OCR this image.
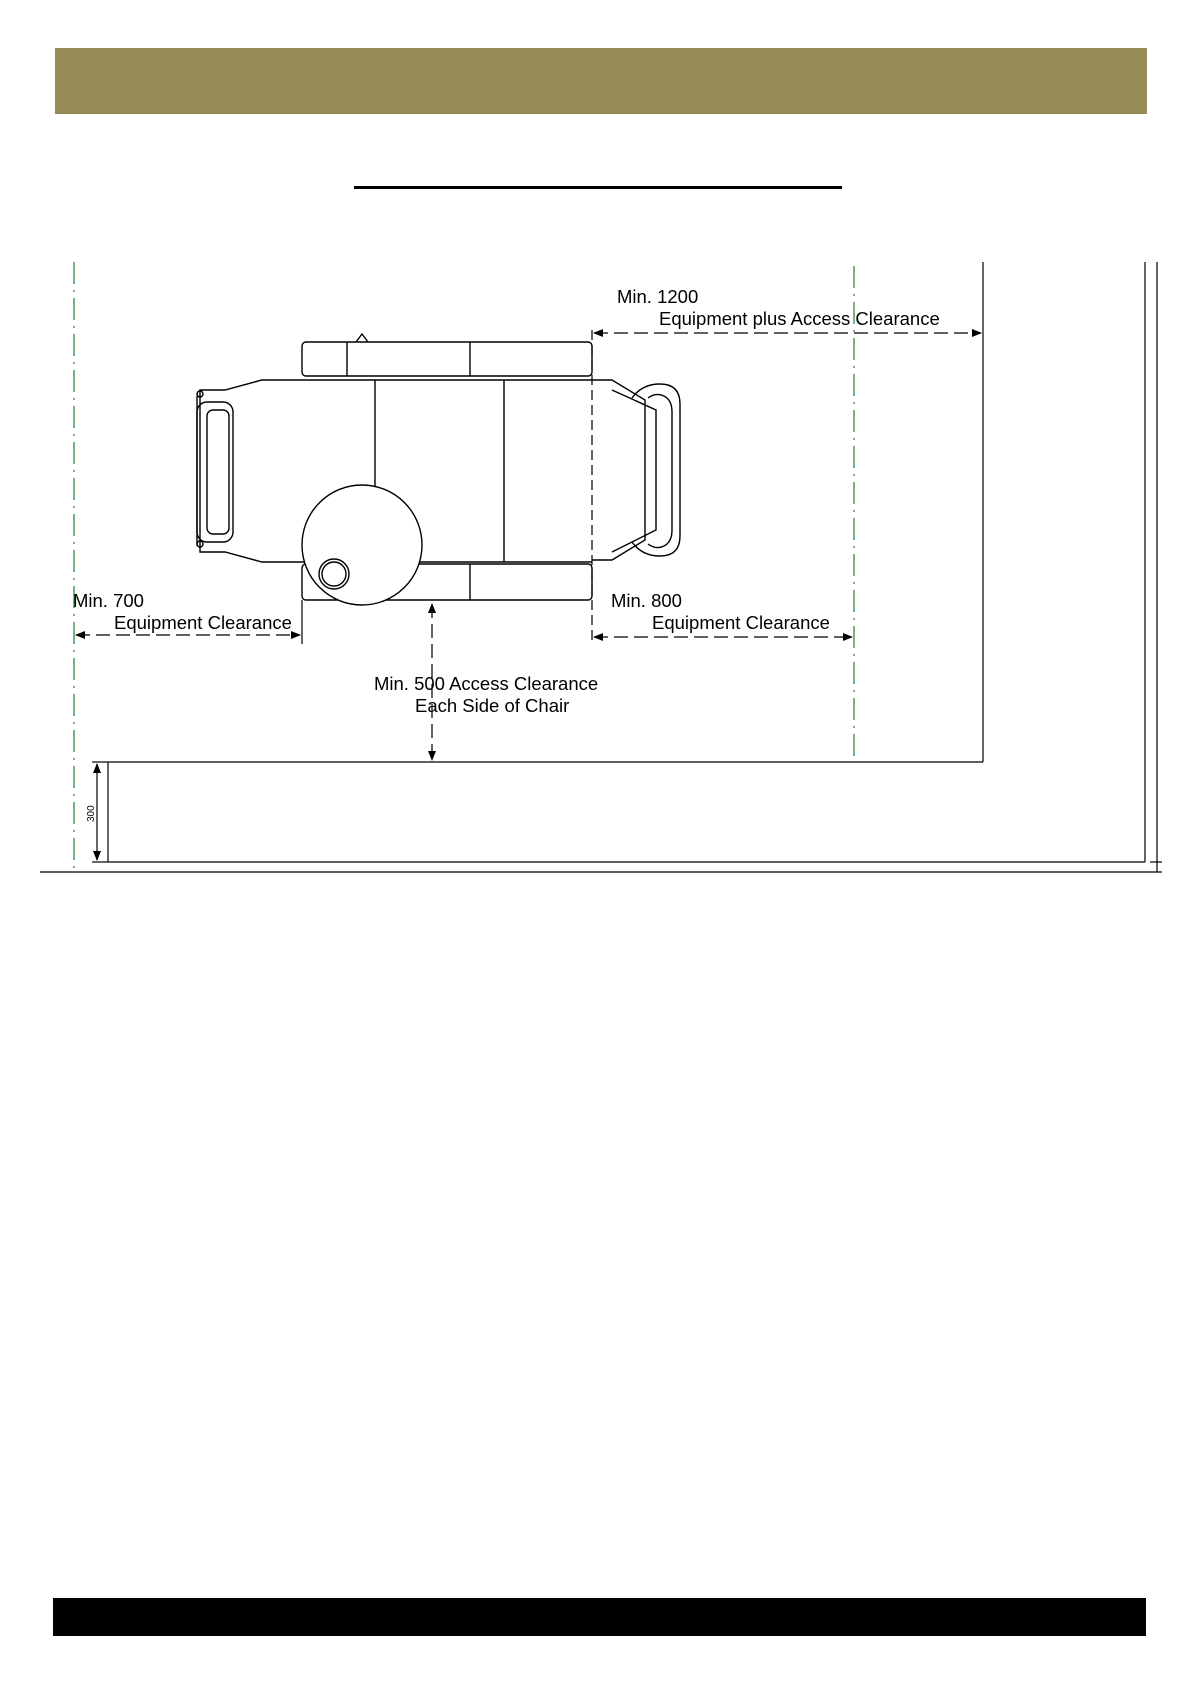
Min. 1200
Equipment plus Access Clearance
Min. 700
Equipment Clearance
Min. 800
Equipment Clearance
Min. 500 Access Clearance
Each Side of Chair
300
